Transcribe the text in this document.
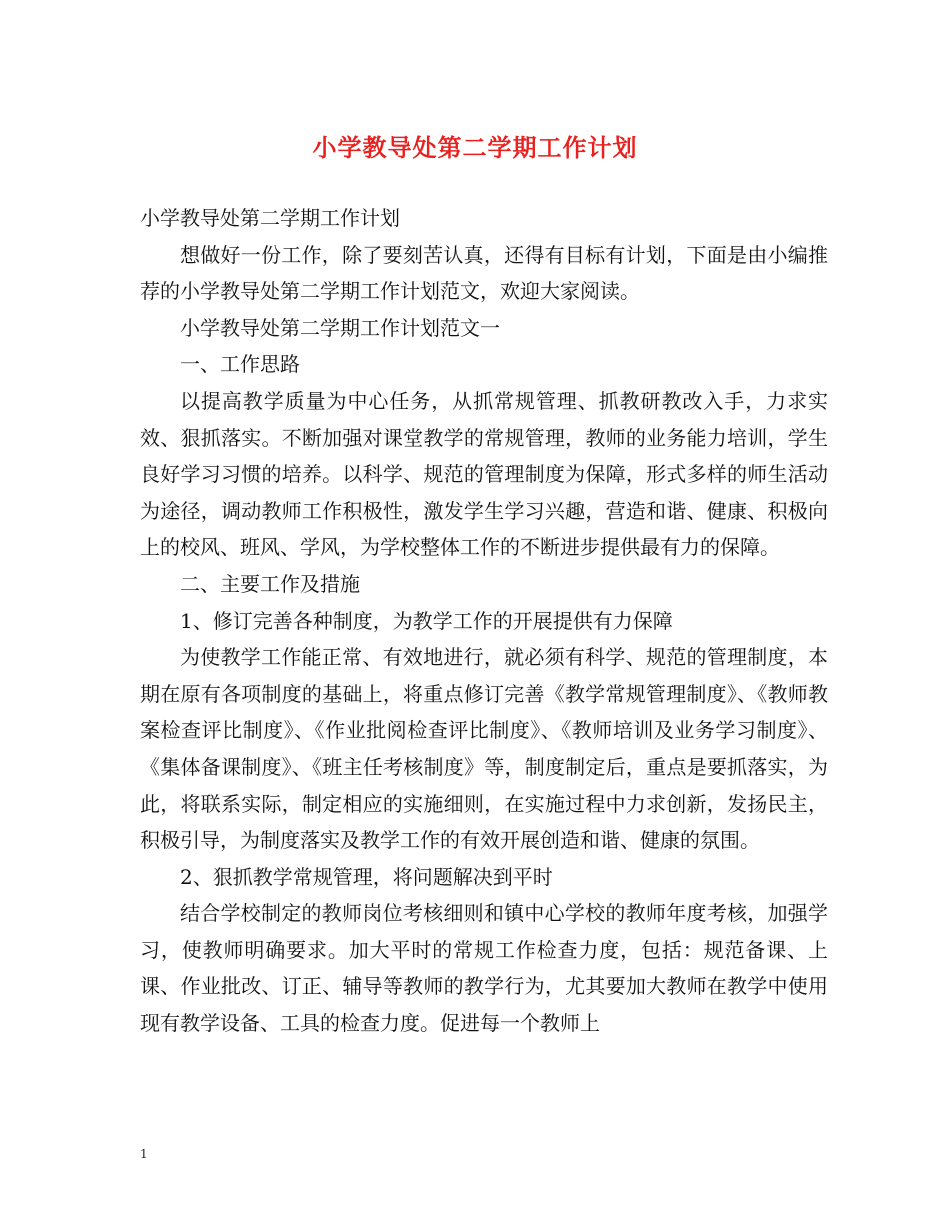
小学教导处第二学期工作计划

小学教导处第二学期工作计划

想做好一份工作，除了要刻苦认真，还得有目标有计划，下面是由小编推荐的小学教导处第二学期工作计划范文，欢迎大家阅读。

小学教导处第二学期工作计划范文一

一、工作思路

以提高教学质量为中心任务，从抓常规管理、抓教研教改入手，力求实效、狠抓落实。不断加强对课堂教学的常规管理，教师的业务能力培训，学生良好学习习惯的培养。以科学、规范的管理制度为保障，形式多样的师生活动为途径，调动教师工作积极性，激发学生学习兴趣，营造和谐、健康、积极向上的校风、班风、学风，为学校整体工作的不断进步提供最有力的保障。

二、主要工作及措施

1、修订完善各种制度，为教学工作的开展提供有力保障

为使教学工作能正常、有效地进行，就必须有科学、规范的管理制度，本期在原有各项制度的基础上，将重点修订完善《教学常规管理制度》、《教师教案检查评比制度》、《作业批阅检查评比制度》、《教师培训及业务学习制度》、《集体备课制度》、《班主任考核制度》等，制度制定后，重点是要抓落实，为此，将联系实际，制定相应的实施细则，在实施过程中力求创新，发扬民主，积极引导，为制度落实及教学工作的有效开展创造和谐、健康的氛围。

2、狠抓教学常规管理，将问题解决到平时

结合学校制定的教师岗位考核细则和镇中心学校的教师年度考核，加强学习，使教师明确要求。加大平时的常规工作检查力度，包括：规范备课、上课、作业批改、订正、辅导等教师的教学行为，尤其要加大教师在教学中使用现有教学设备、工具的检查力度。促进每一个教师上

1
